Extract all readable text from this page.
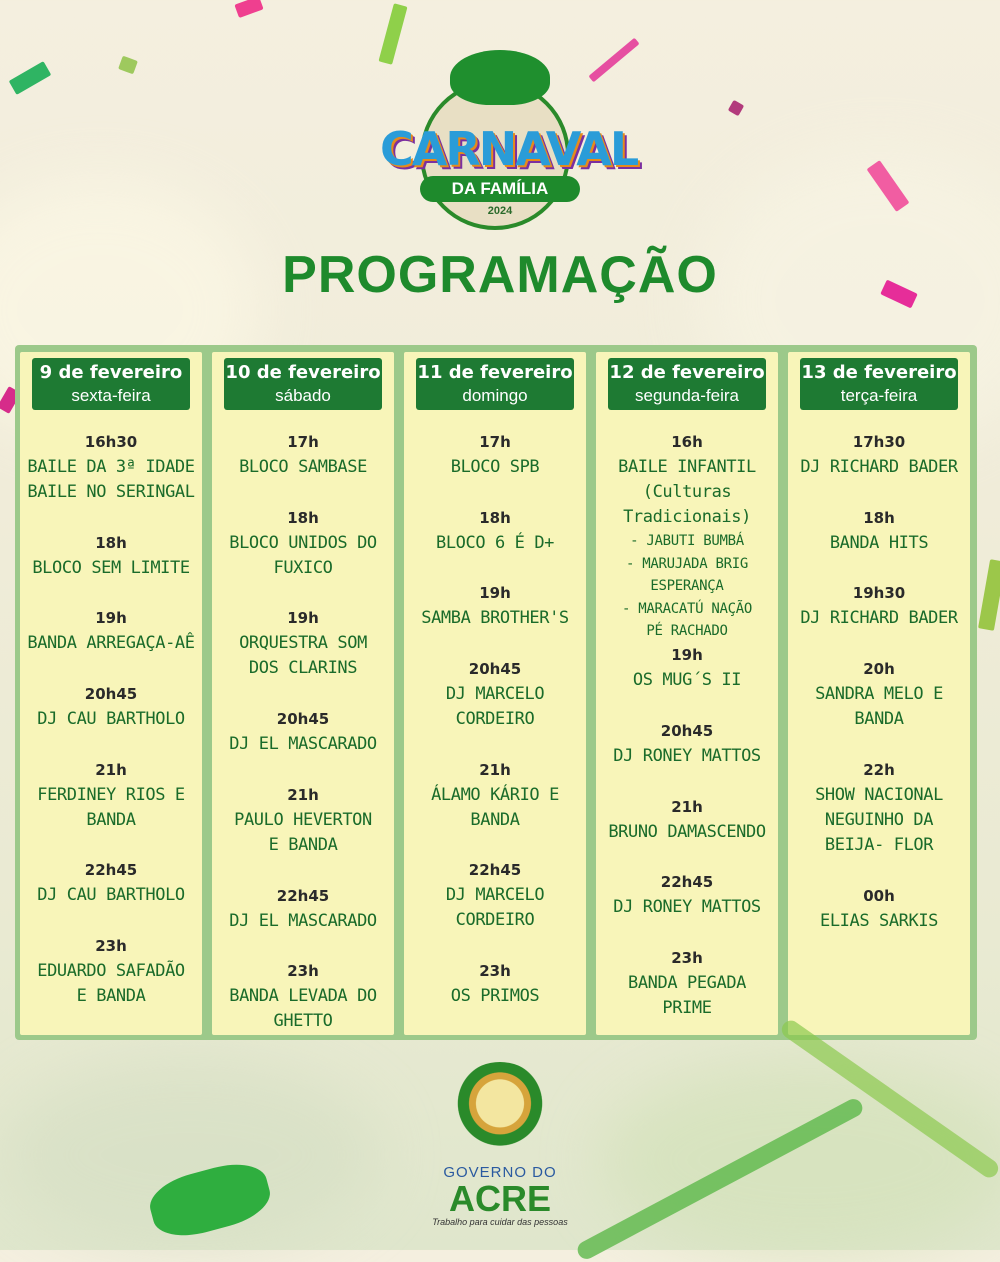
CARNAVAL
DA FAMÍLIA
2024
PROGRAMAÇÃO
9 de fevereiro
sexta-feira
16h30
BAILE DA 3ª IDADE
BAILE NO SERINGAL
18h
BLOCO SEM LIMITE
19h
BANDA ARREGAÇA-AÊ
20h45
DJ CAU BARTHOLO
21h
FERDINEY RIOS E
BANDA
22h45
DJ CAU BARTHOLO
23h
EDUARDO SAFADÃO
E BANDA
10 de fevereiro
sábado
17h
BLOCO SAMBASE
18h
BLOCO UNIDOS DO
FUXICO
19h
ORQUESTRA SOM
DOS CLARINS
20h45
DJ EL MASCARADO
21h
PAULO HEVERTON
E BANDA
22h45
DJ EL MASCARADO
23h
BANDA LEVADA DO
GHETTO
11 de fevereiro
domingo
17h
BLOCO SPB
18h
BLOCO 6 É D+
19h
SAMBA BROTHER'S
20h45
DJ MARCELO
CORDEIRO
21h
ÁLAMO KÁRIO E
BANDA
22h45
DJ MARCELO
CORDEIRO
23h
OS PRIMOS
12 de fevereiro
segunda-feira
16h
BAILE INFANTIL
(Culturas Tradicionais)
- JABUTI BUMBÁ
- MARUJADA BRIG
ESPERANÇA
- MARACATÚ NAÇÃO
PÉ RACHADO
19h
OS MUG´S II
20h45
DJ RONEY MATTOS
21h
BRUNO DAMASCENDO
22h45
DJ RONEY MATTOS
23h
BANDA PEGADA
PRIME
13 de fevereiro
terça-feira
17h30
DJ RICHARD BADER
18h
BANDA HITS
19h30
DJ RICHARD BADER
20h
SANDRA MELO E
BANDA
22h
SHOW NACIONAL
NEGUINHO DA
BEIJA- FLOR
00h
ELIAS SARKIS
GOVERNO DO
ACRE
Trabalho para cuidar das pessoas
